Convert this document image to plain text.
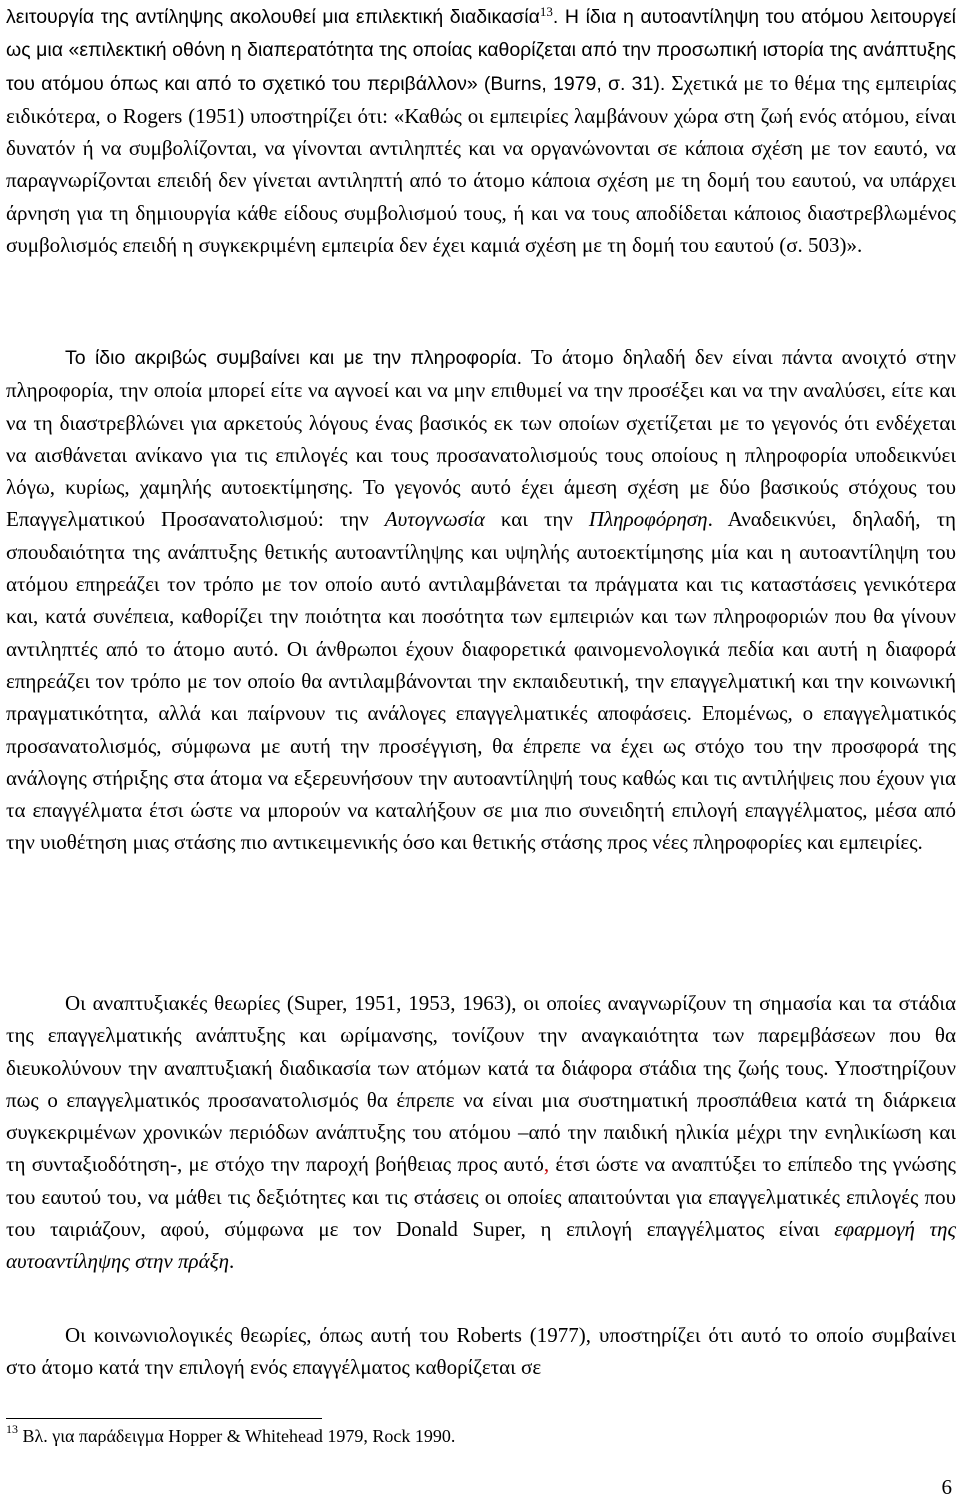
λειτουργία της αντίληψης ακολουθεί μια επιλεκτική διαδικασία$^{13}$. Η ίδια η αυτοαντίληψη του ατόμου λειτουργεί ως μια «επιλεκτική οθόνη η διαπερατότητα της οποίας καθορίζεται από την προσωπική ιστορία της ανάπτυξης του ατόμου όπως και από το σχετικό του περιβάλλον» (Burns, 1979, σ. 31). Σχετικά με το θέμα της εμπειρίας ειδικότερα, ο Rogers (1951) υποστηρίζει ότι: «Καθώς οι εμπειρίες λαμβάνουν χώρα στη ζωή ενός ατόμου, είναι δυνατόν ή να συμβολίζονται, να γίνονται αντιληπτές και να οργανώνονται σε κάποια σχέση με τον εαυτό, να παραγνωρίζονται επειδή δεν γίνεται αντιληπτή από το άτομο κάποια σχέση με τη δομή του εαυτού, να υπάρχει άρνηση για τη δημιουργία κάθε είδους συμβολισμού τους, ή και να τους αποδίδεται κάποιος διαστρεβλωμένος συμβολισμός επειδή η συγκεκριμένη εμπειρία δεν έχει καμιά σχέση με τη δομή του εαυτού (σ. 503)».

Το ίδιο ακριβώς συμβαίνει και με την πληροφορία. Το άτομο δηλαδή δεν είναι πάντα ανοιχτό στην πληροφορία, την οποία μπορεί είτε να αγνοεί και να μην επιθυμεί να την προσέξει και να την αναλύσει, είτε και να τη διαστρεβλώνει για αρκετούς λόγους ένας βασικός εκ των οποίων σχετίζεται με το γεγονός ότι ενδέχεται να αισθάνεται ανίκανο για τις επιλογές και τους προσανατολισμούς τους οποίους η πληροφορία υποδεικνύει λόγω, κυρίως, χαμηλής αυτοεκτίμησης. Το γεγονός αυτό έχει άμεση σχέση με δύο βασικούς στόχους του Επαγγελματικού Προσανατολισμού: την Αυτογνωσία και την Πληροφόρηση. Αναδεικνύει, δηλαδή, τη σπουδαιότητα της ανάπτυξης θετικής αυτοαντίληψης και υψηλής αυτοεκτίμησης μία και η αυτοαντίληψη του ατόμου επηρεάζει τον τρόπο με τον οποίο αυτό αντιλαμβάνεται τα πράγματα και τις καταστάσεις γενικότερα και, κατά συνέπεια, καθορίζει την ποιότητα και ποσότητα των εμπειριών και των πληροφοριών που θα γίνουν αντιληπτές από το άτομο αυτό. Οι άνθρωποι έχουν διαφορετικά φαινομενολογικά πεδία και αυτή η διαφορά επηρεάζει τον τρόπο με τον οποίο θα αντιλαμβάνονται την εκπαιδευτική, την επαγγελματική και την κοινωνική πραγματικότητα, αλλά και παίρνουν τις ανάλογες επαγγελματικές αποφάσεις. Επομένως, ο επαγγελματικός προσανατολισμός, σύμφωνα με αυτή την προσέγγιση, θα έπρεπε να έχει ως στόχο του την προσφορά της ανάλογης στήριξης στα άτομα να εξερευνήσουν την αυτοαντίληψή τους καθώς και τις αντιλήψεις που έχουν για τα επαγγέλματα έτσι ώστε να μπορούν να καταλήξουν σε μια πιο συνειδητή επιλογή επαγγέλματος, μέσα από την υιοθέτηση μιας στάσης πιο αντικειμενικής όσο και θετικής στάσης προς νέες πληροφορίες και εμπειρίες.

Οι αναπτυξιακές θεωρίες (Super, 1951, 1953, 1963), οι οποίες αναγνωρίζουν τη σημασία και τα στάδια της επαγγελματικής ανάπτυξης και ωρίμανσης, τονίζουν την αναγκαιότητα των παρεμβάσεων που θα διευκολύνουν την αναπτυξιακή διαδικασία των ατόμων κατά τα διάφορα στάδια της ζωής τους. Υποστηρίζουν πως ο επαγγελματικός προσανατολισμός θα έπρεπε να είναι μια συστηματική προσπάθεια κατά τη διάρκεια συγκεκριμένων χρονικών περιόδων ανάπτυξης του ατόμου –από την παιδική ηλικία μέχρι την ενηλικίωση και τη συνταξιοδότηση-, με στόχο την παροχή βοήθειας προς αυτό, έτσι ώστε να αναπτύξει το επίπεδο της γνώσης του εαυτού του, να μάθει τις δεξιότητες και τις στάσεις οι οποίες απαιτούνται για επαγγελματικές επιλογές που του ταιριάζουν, αφού, σύμφωνα με τον Donald Super, η επιλογή επαγγέλματος είναι εφαρμογή της αυτοαντίληψης στην πράξη.

Οι κοινωνιολογικές θεωρίες, όπως αυτή του Roberts (1977), υποστηρίζει ότι αυτό το οποίο συμβαίνει στο άτομο κατά την επιλογή ενός επαγγέλματος καθορίζεται σε

$^{13}$ Βλ. για παράδειγμα Hopper & Whitehead 1979, Rock 1990.

6
